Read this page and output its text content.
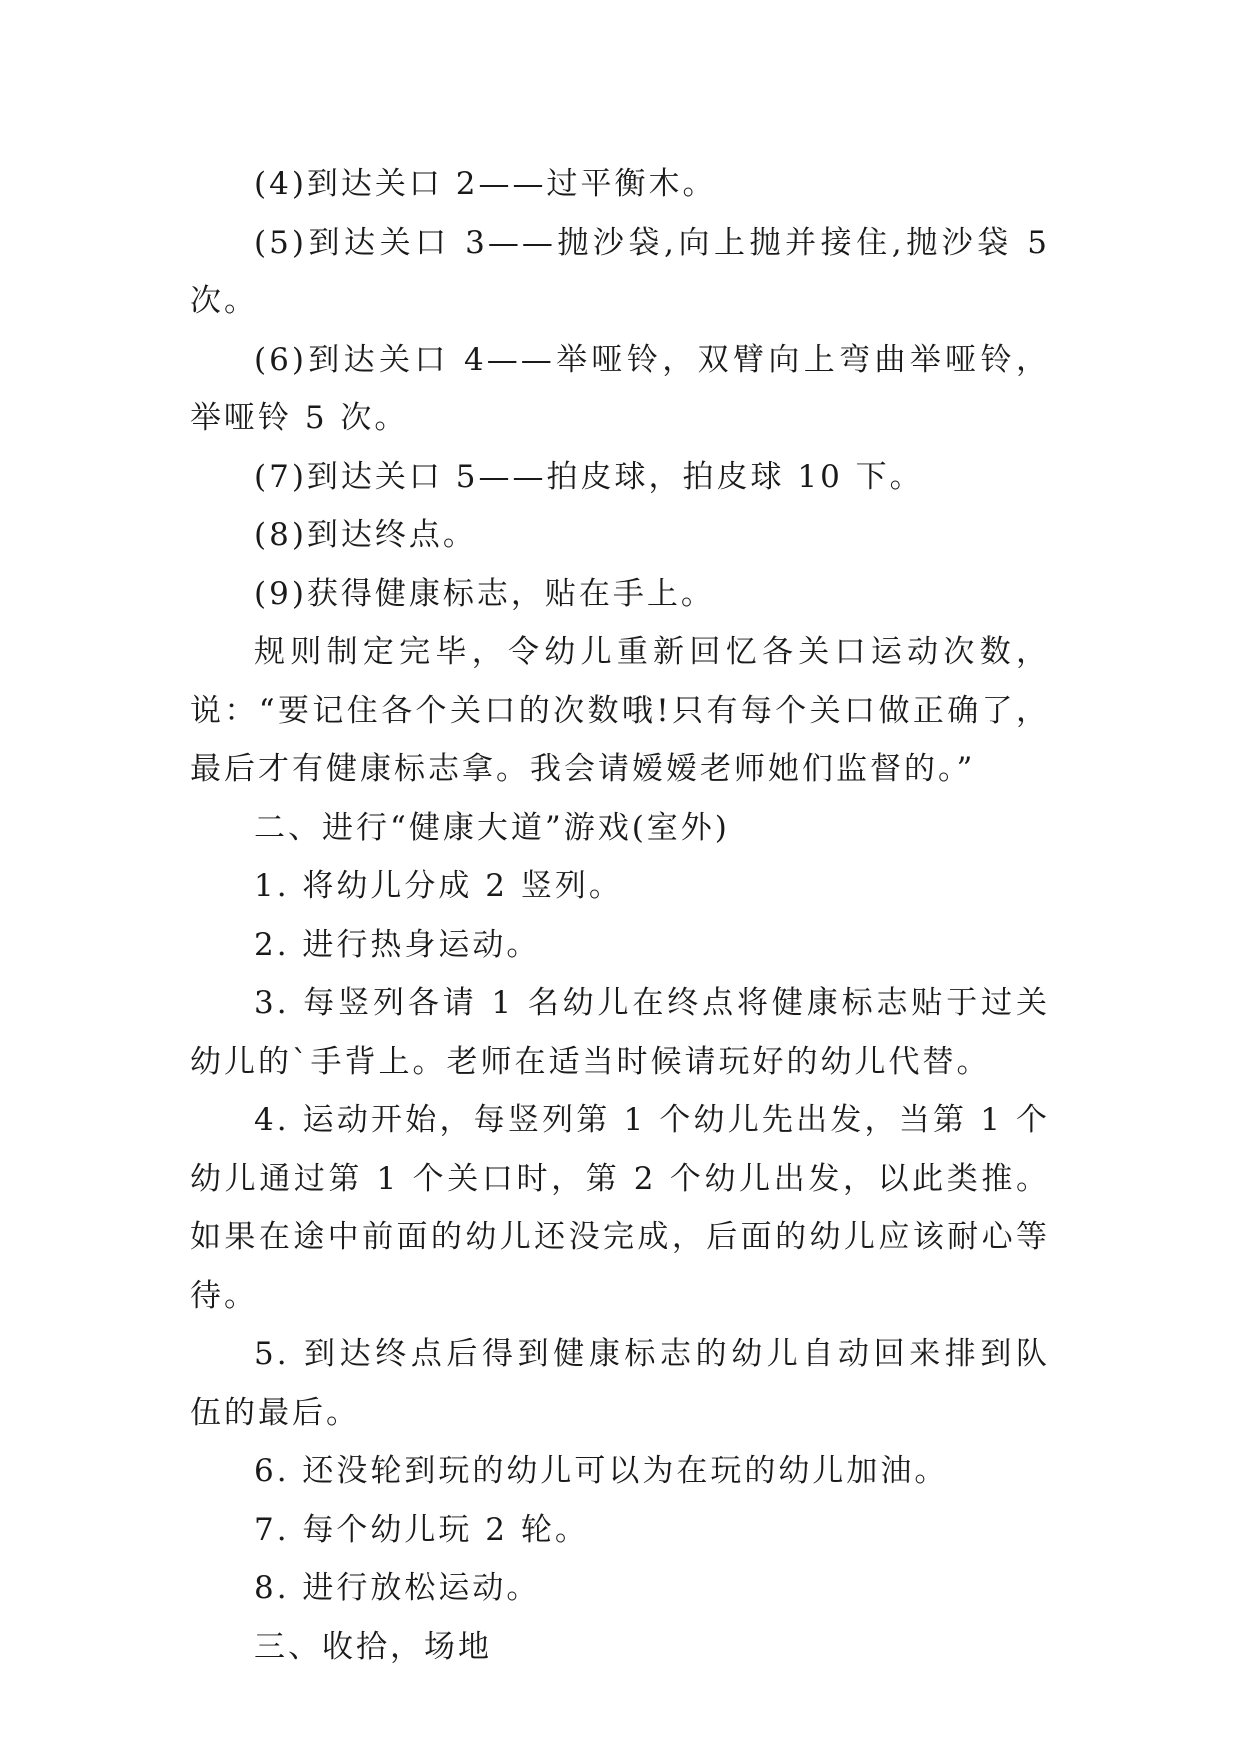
(4)到达关口 2——过平衡木。

(5)到达关口 3——抛沙袋,向上抛并接住,抛沙袋 5 次。

(6)到达关口 4——举哑铃，双臂向上弯曲举哑铃，举哑铃 5 次。

(7)到达关口 5——拍皮球，拍皮球 10 下。

(8)到达终点。

(9)获得健康标志，贴在手上。

规则制定完毕，令幼儿重新回忆各关口运动次数，说：“要记住各个关口的次数哦!只有每个关口做正确了，最后才有健康标志拿。我会请嫒嫒老师她们监督的。”

二、进行“健康大道”游戏(室外)

1. 将幼儿分成 2 竖列。

2. 进行热身运动。

3. 每竖列各请 1 名幼儿在终点将健康标志贴于过关幼儿的`手背上。老师在适当时候请玩好的幼儿代替。

4. 运动开始，每竖列第 1 个幼儿先出发，当第 1 个幼儿通过第 1 个关口时，第 2 个幼儿出发，以此类推。如果在途中前面的幼儿还没完成，后面的幼儿应该耐心等待。

5. 到达终点后得到健康标志的幼儿自动回来排到队伍的最后。

6. 还没轮到玩的幼儿可以为在玩的幼儿加油。

7. 每个幼儿玩 2 轮。

8. 进行放松运动。

三、收拾，场地
